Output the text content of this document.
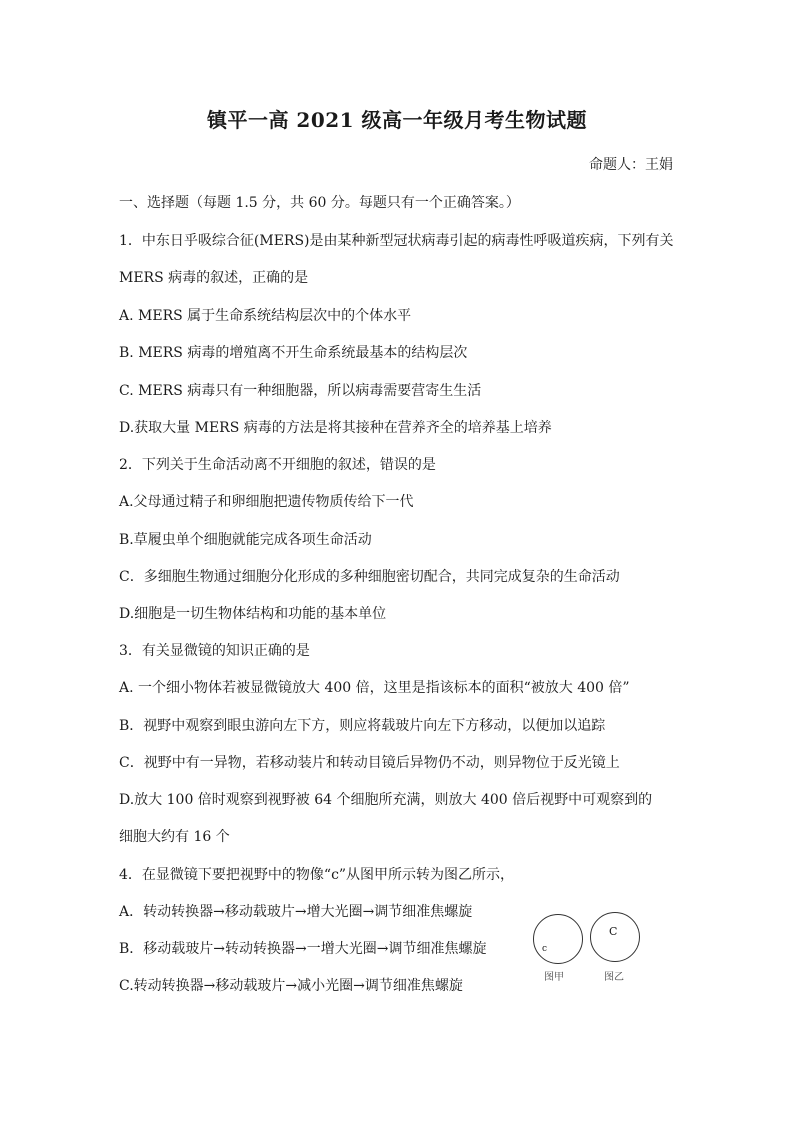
镇平一高 2021 级高一年级月考生物试题
命题人：王娟
一、选择题（每题 1.5 分，共 60 分。每题只有一个正确答案。）
1．中东日乎吸综合征(MERS)是由某种新型冠状病毒引起的病毒性呼吸道疾病，下列有关
MERS 病毒的叙述，正确的是
A. MERS 属于生命系统结构层次中的个体水平
B. MERS 病毒的增殖离不开生命系统最基本的结构层次
C. MERS 病毒只有一种细胞器，所以病毒需要营寄生生活
D.获取大量 MERS 病毒的方法是将其接种在营养齐全的培养基上培养
2．下列关于生命活动离不开细胞的叙述，错误的是
A.父母通过精子和卵细胞把遗传物质传给下一代
B.草履虫单个细胞就能完成各项生命活动
C．多细胞生物通过细胞分化形成的多种细胞密切配合，共同完成复杂的生命活动
D.细胞是一切生物体结构和功能的基本单位
3．有关显微镜的知识正确的是
A. 一个细小物体若被显微镜放大 400 倍，这里是指该标本的面积“被放大 400 倍”
B．视野中观察到眼虫游向左下方，则应将载玻片向左下方移动，以便加以追踪
C．视野中有一异物，若移动装片和转动目镜后异物仍不动，则异物位于反光镜上
D.放大 100 倍时观察到视野被 64 个细胞所充满，则放大 400 倍后视野中可观察到的
细胞大约有 16 个
4．在显微镜下要把视野中的物像“c”从图甲所示转为图乙所示，
A．转动转换器→移动载玻片→增大光圈→调节细准焦螺旋
B．移动载玻片→转动转换器→一增大光圈→调节细准焦螺旋
C.转动转换器→移动载玻片→减小光圈→调节细准焦螺旋
c
C
图甲	图乙
